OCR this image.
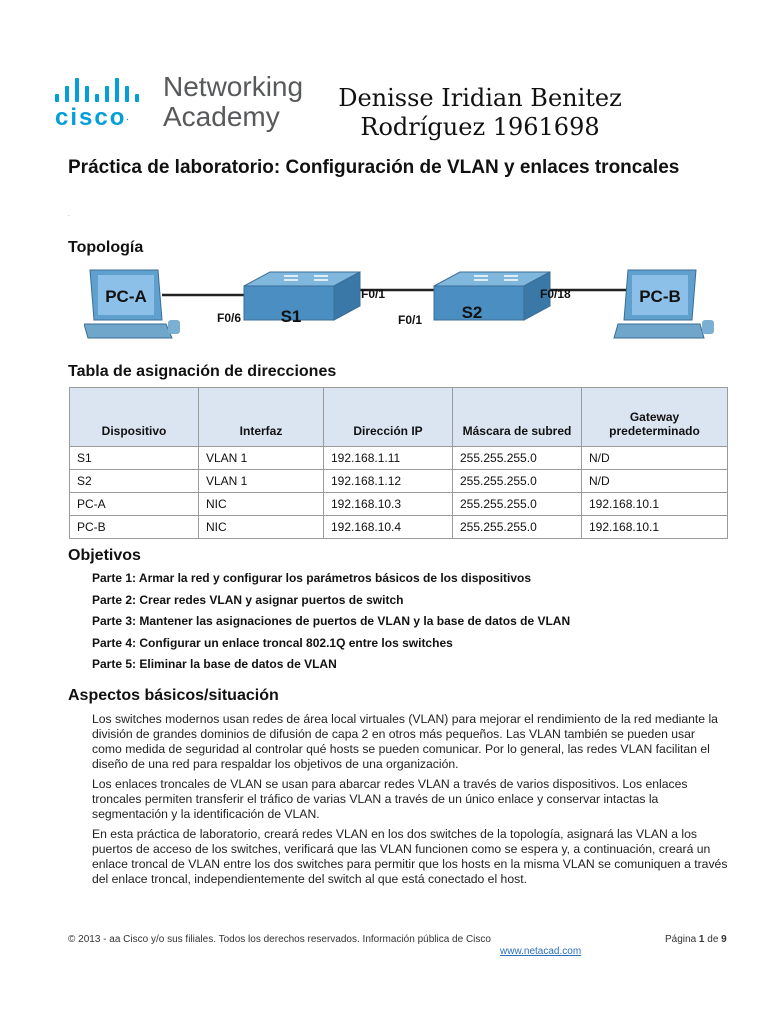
cisco.
Networking
Academy
Denisse Iridian Benitez
Rodríguez 1961698
Práctica de laboratorio: Configuración de VLAN y enlaces troncales
.
Topología
PC-A
S1	S2
PC-B
F0/6
F0/1
F0/1
F0/18
Tabla de asignación de direcciones
Dispositivo	Interfaz	Dirección IP	Máscara de subred	Gateway predeterminado
S1	VLAN 1	192.168.1.11	255.255.255.0	N/D
S2	VLAN 1	192.168.1.12	255.255.255.0	N/D
PC-A	NIC	192.168.10.3	255.255.255.0	192.168.10.1
PC-B	NIC	192.168.10.4	255.255.255.0	192.168.10.1
Objetivos
Parte 1: Armar la red y configurar los parámetros básicos de los dispositivos
Parte 2: Crear redes VLAN y asignar puertos de switch
Parte 3: Mantener las asignaciones de puertos de VLAN y la base de datos de VLAN
Parte 4: Configurar un enlace troncal 802.1Q entre los switches
Parte 5: Eliminar la base de datos de VLAN
Aspectos básicos/situación

Los switches modernos usan redes de área local virtuales (VLAN) para mejorar el rendimiento de la red mediante la división de grandes dominios de difusión de capa 2 en otros más pequeños. Las VLAN también se pueden usar como medida de seguridad al controlar qué hosts se pueden comunicar. Por lo general, las redes VLAN facilitan el diseño de una red para respaldar los objetivos de una organización.

Los enlaces troncales de VLAN se usan para abarcar redes VLAN a través de varios dispositivos. Los enlaces troncales permiten transferir el tráfico de varias VLAN a través de un único enlace y conservar intactas la segmentación y la identificación de VLAN.

En esta práctica de laboratorio, creará redes VLAN en los dos switches de la topología, asignará las VLAN a los puertos de acceso de los switches, verificará que las VLAN funcionen como se espera y, a continuación, creará un enlace troncal de VLAN entre los dos switches para permitir que los hosts en la misma VLAN se comuniquen a través del enlace troncal, independientemente del switch al que está conectado el host.

© 2013 - aa Cisco y/o sus filiales. Todos los derechos reservados. Información pública de Cisco
www.netacad.com
Página 1 de 9
